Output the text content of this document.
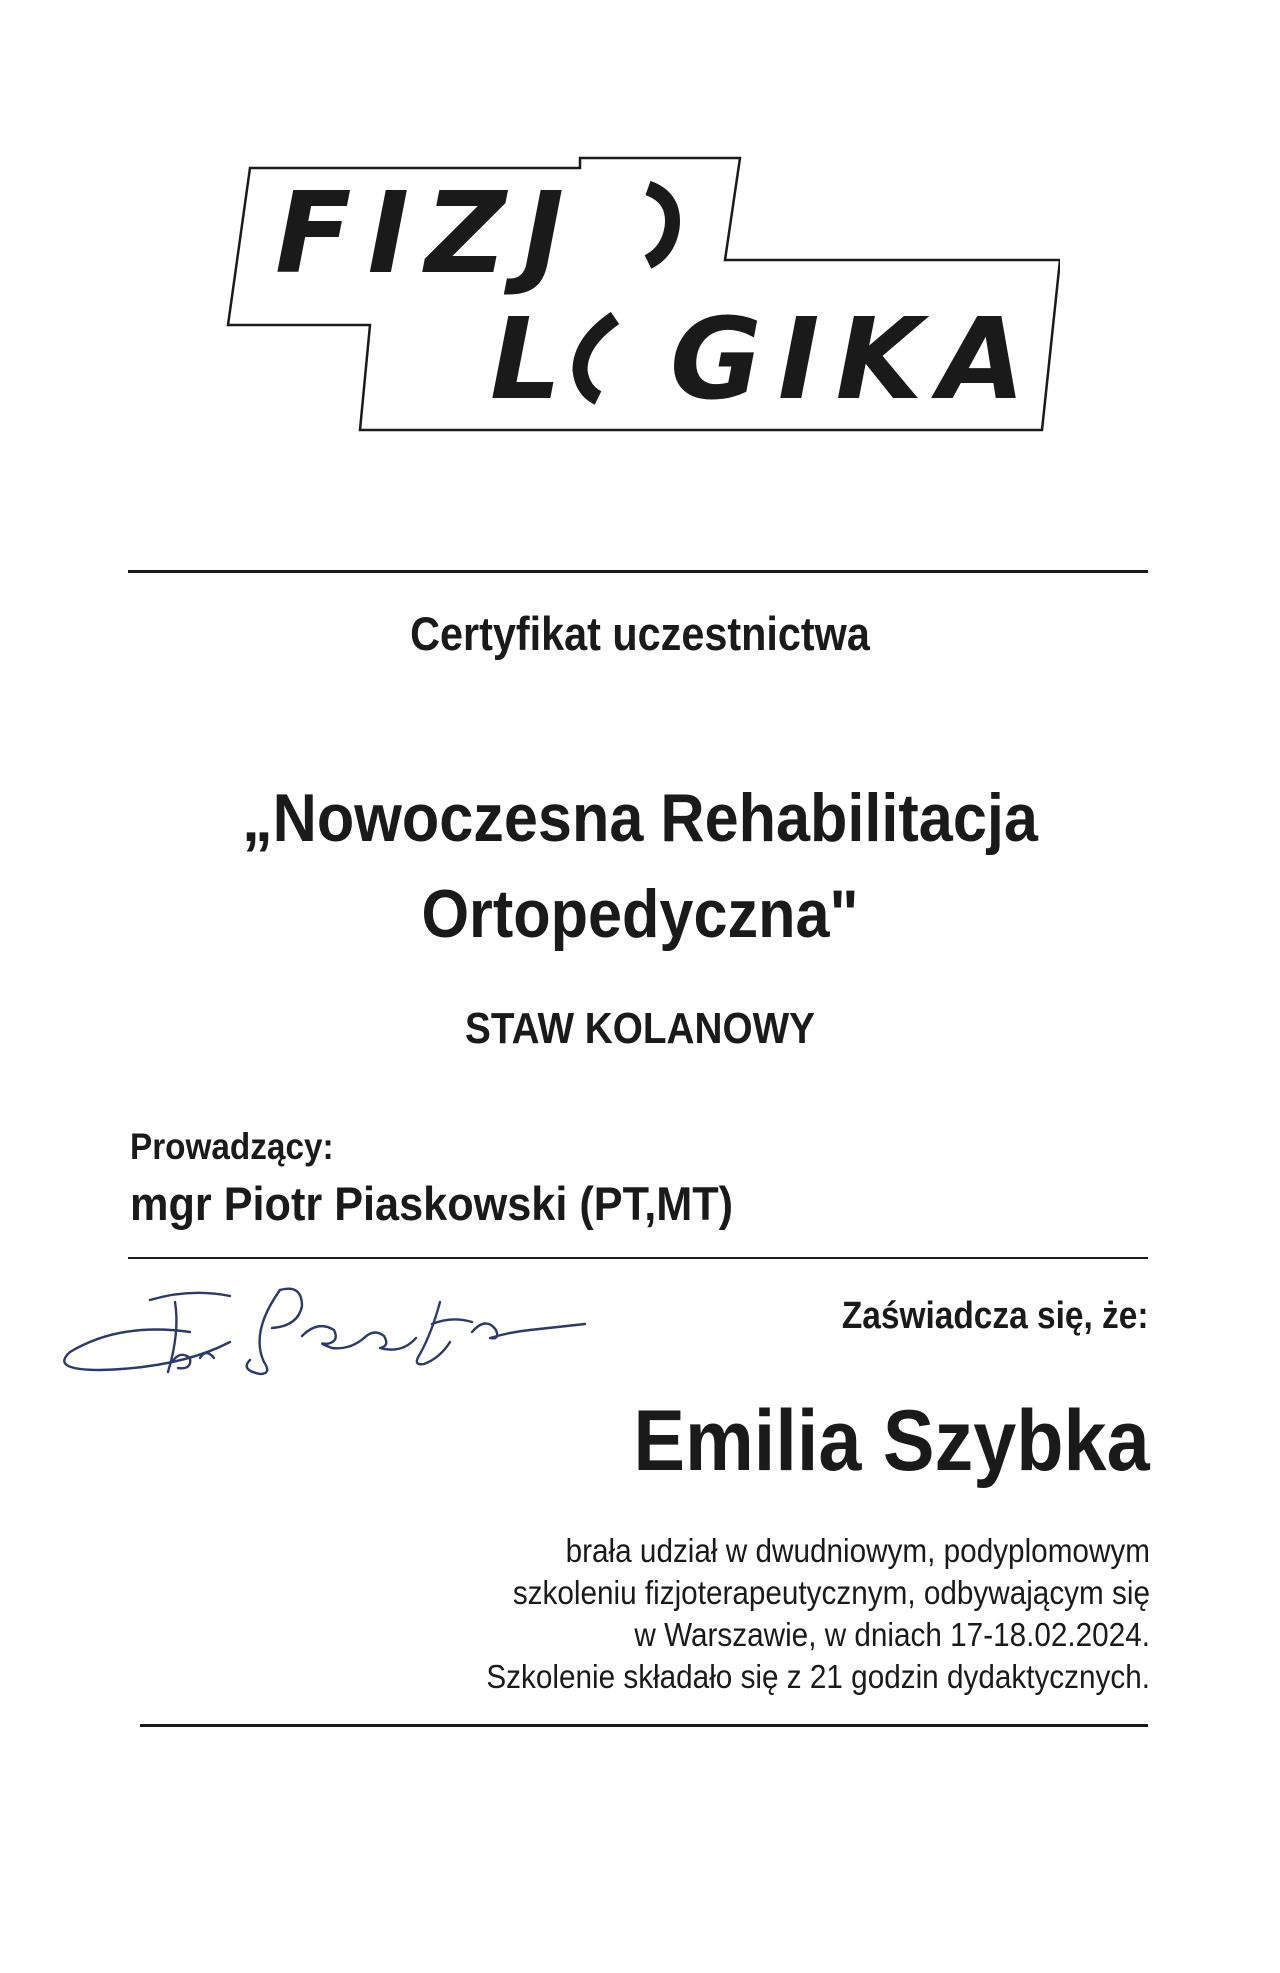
FIZJ
L GIKA
Certyfikat uczestnictwa
„Nowoczesna Rehabilitacja
Ortopedyczna"
STAW KOLANOWY
Prowadzący:
mgr Piotr Piaskowski (PT,MT)
Zaświadcza się, że:
Emilia Szybka
brała udział w dwudniowym, podyplomowym
szkoleniu fizjoterapeutycznym, odbywającym się
w Warszawie, w dniach 17-18.02.2024.
Szkolenie składało się z 21 godzin dydaktycznych.
